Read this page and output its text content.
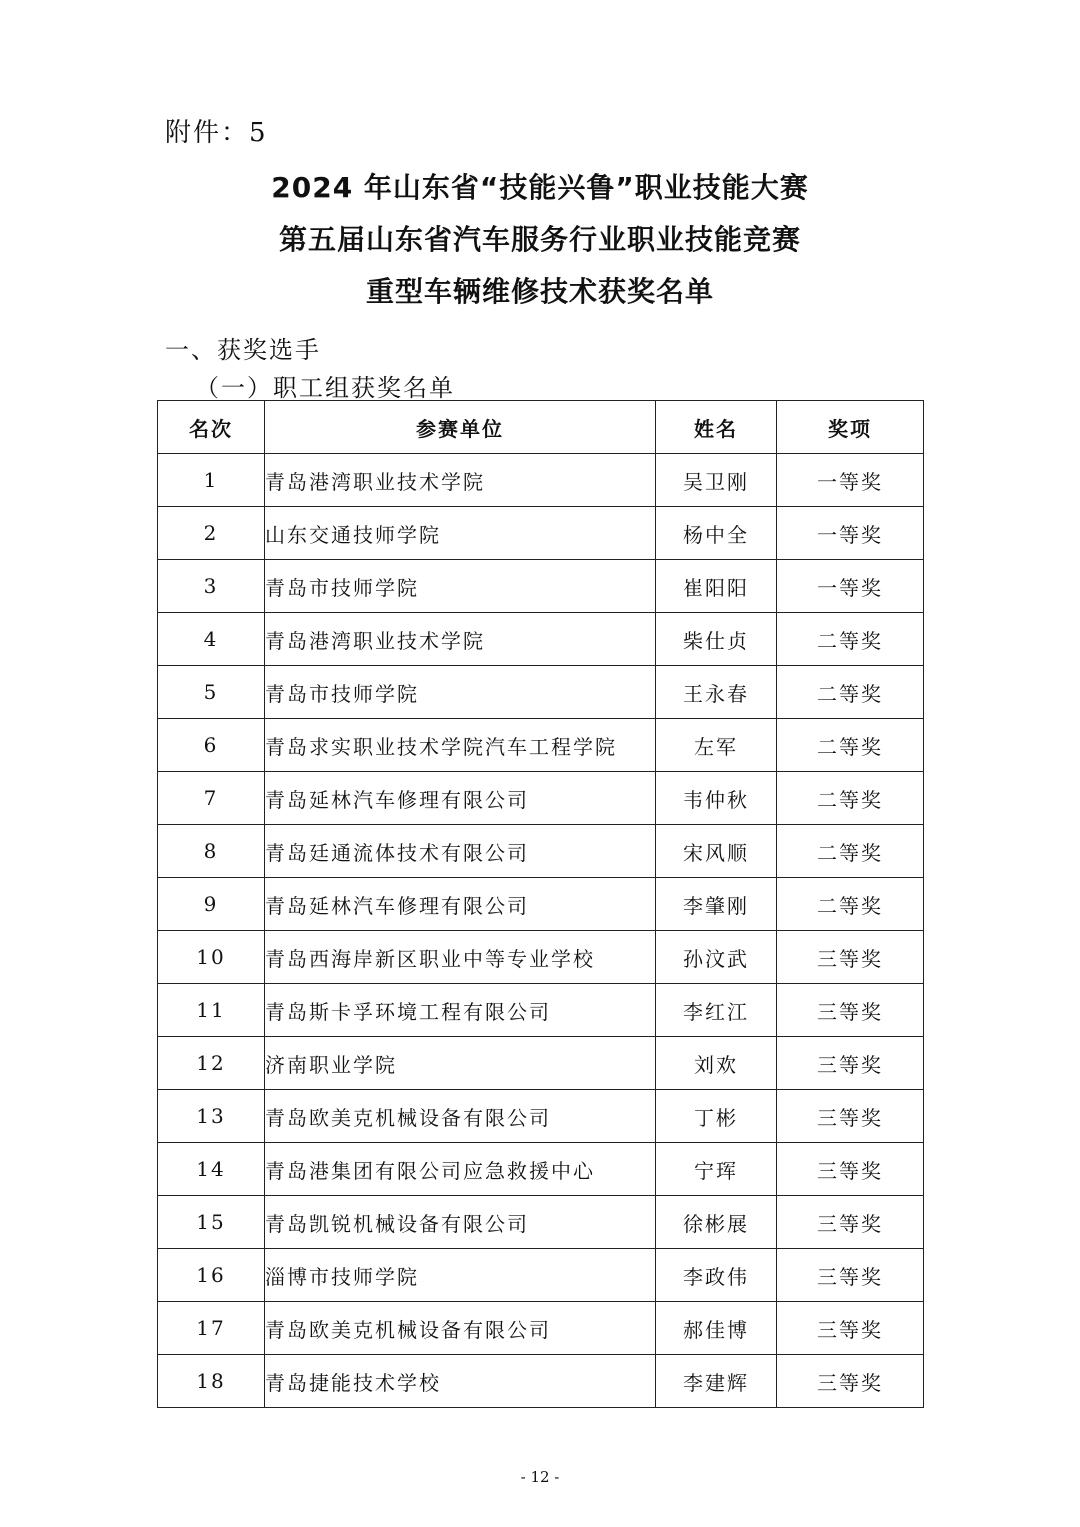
附件：5
2024 年山东省“技能兴鲁”职业技能大赛
第五届山东省汽车服务行业职业技能竞赛
重型车辆维修技术获奖名单
一、获奖选手
（一）职工组获奖名单
名次	参赛单位	姓名	奖项
1	青岛港湾职业技术学院	吴卫刚	一等奖
2	山东交通技师学院	杨中全	一等奖
3	青岛市技师学院	崔阳阳	一等奖
4	青岛港湾职业技术学院	柴仕贞	二等奖
5	青岛市技师学院	王永春	二等奖
6	青岛求实职业技术学院汽车工程学院	左军	二等奖
7	青岛延林汽车修理有限公司	韦仲秋	二等奖
8	青岛廷通流体技术有限公司	宋风顺	二等奖
9	青岛延林汽车修理有限公司	李肇刚	二等奖
10	青岛西海岸新区职业中等专业学校	孙汶武	三等奖
11	青岛斯卡孚环境工程有限公司	李红江	三等奖
12	济南职业学院	刘欢	三等奖
13	青岛欧美克机械设备有限公司	丁彬	三等奖
14	青岛港集团有限公司应急救援中心	宁珲	三等奖
15	青岛凯锐机械设备有限公司	徐彬展	三等奖
16	淄博市技师学院	李政伟	三等奖
17	青岛欧美克机械设备有限公司	郝佳博	三等奖
18	青岛捷能技术学校	李建辉	三等奖
- 12 -
